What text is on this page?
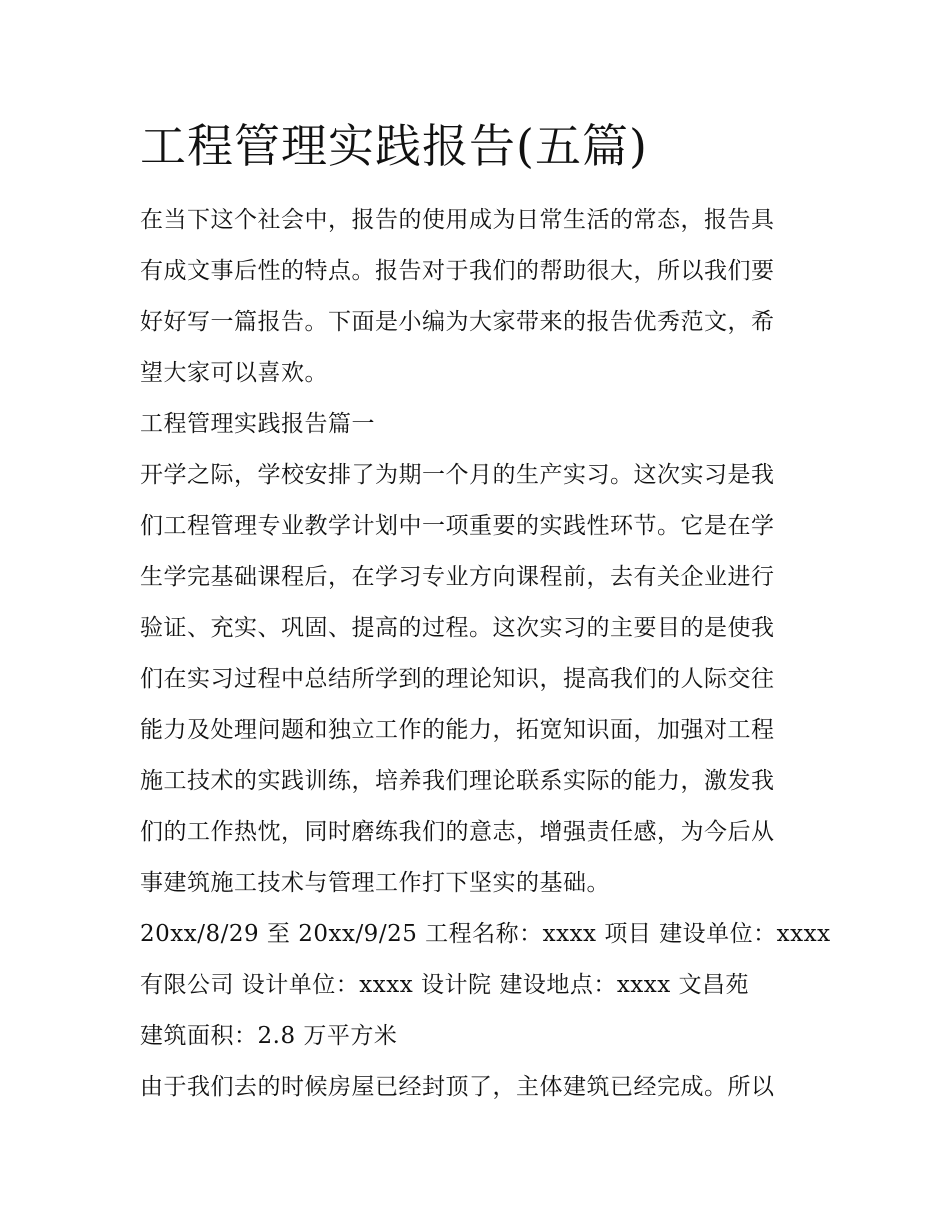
工程管理实践报告(五篇)
在当下这个社会中，报告的使用成为日常生活的常态，报告具
有成文事后性的特点。报告对于我们的帮助很大，所以我们要
好好写一篇报告。下面是小编为大家带来的报告优秀范文，希
望大家可以喜欢。
工程管理实践报告篇一
开学之际，学校安排了为期一个月的生产实习。这次实习是我
们工程管理专业教学计划中一项重要的实践性环节。它是在学
生学完基础课程后，在学习专业方向课程前，去有关企业进行
验证、充实、巩固、提高的过程。这次实习的主要目的是使我
们在实习过程中总结所学到的理论知识，提高我们的人际交往
能力及处理问题和独立工作的能力，拓宽知识面，加强对工程
施工技术的实践训练，培养我们理论联系实际的能力，激发我
们的工作热忱，同时磨练我们的意志，增强责任感，为今后从
事建筑施工技术与管理工作打下坚实的基础。
20xx/8/29 至 20xx/9/25 工程名称：xxxx 项目 建设单位：xxxx
有限公司 设计单位：xxxx 设计院 建设地点：xxxx 文昌苑
建筑面积：2.8 万平方米
由于我们去的时候房屋已经封顶了，主体建筑已经完成。所以
